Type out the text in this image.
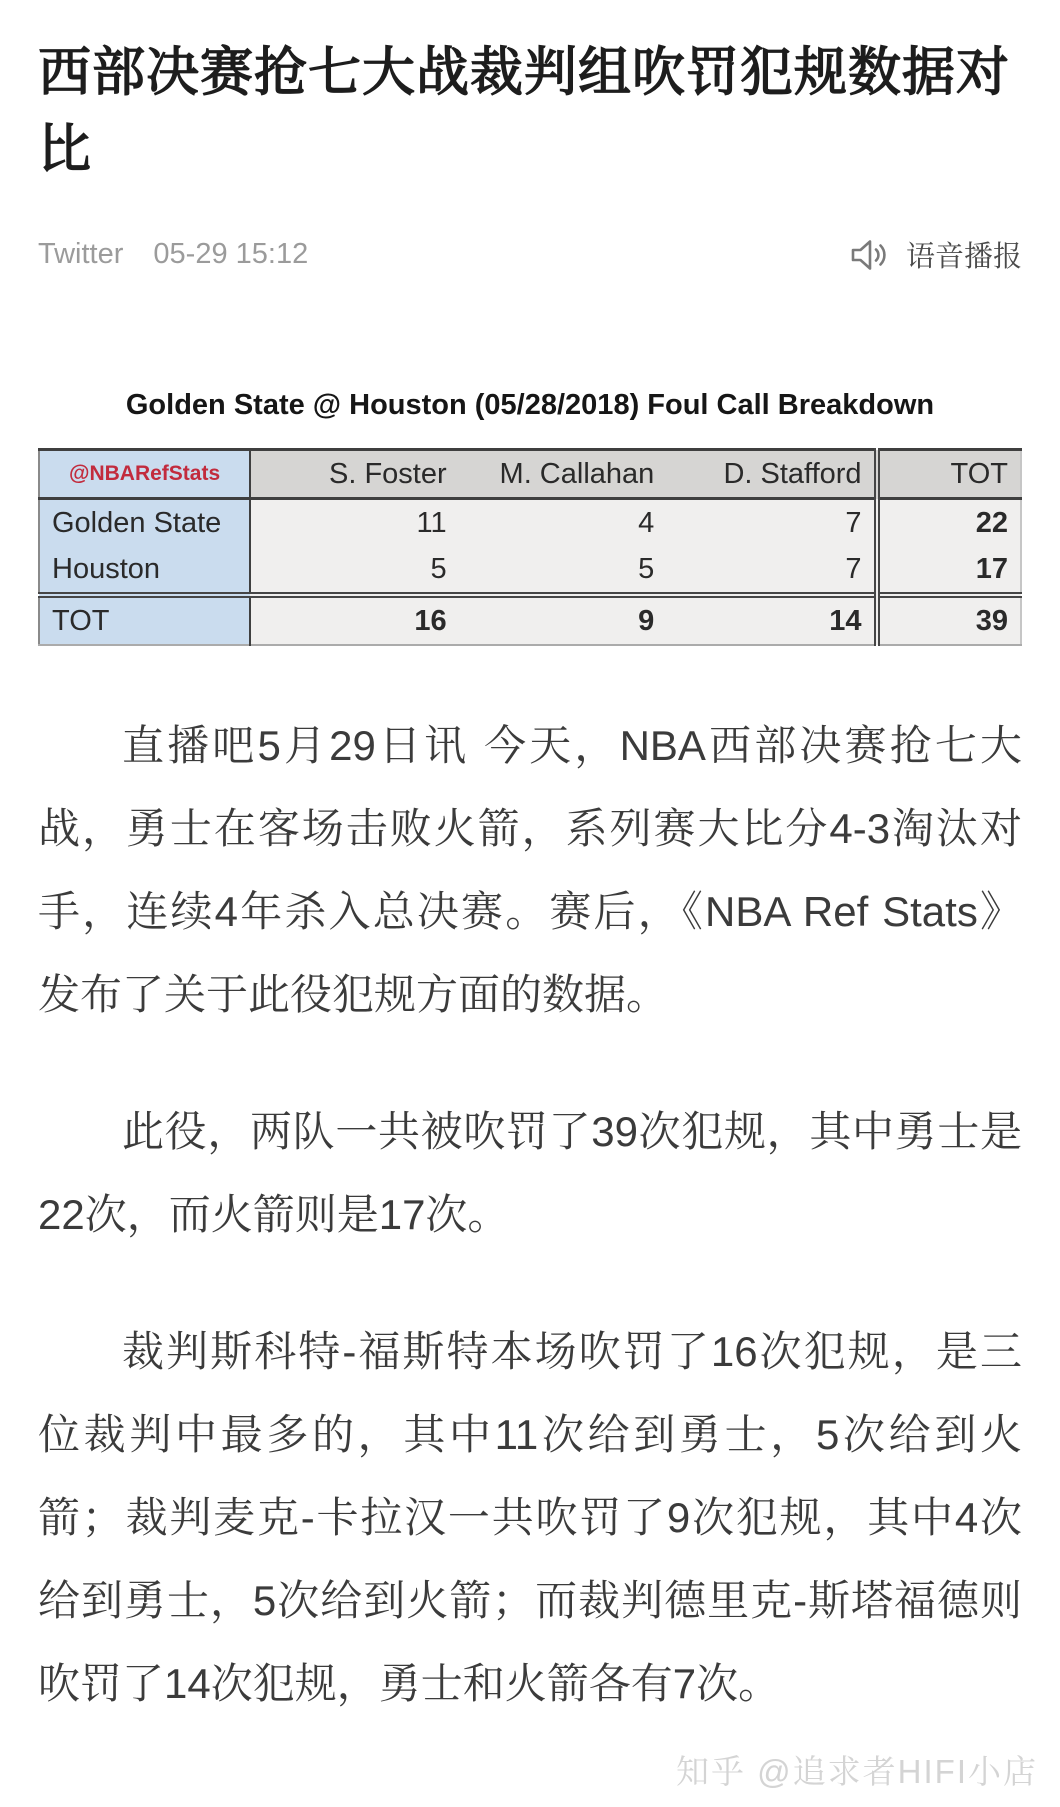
西部决赛抢七大战裁判组吹罚犯规数据对比
Twitter 05-29 15:12	语音播报
Golden State @ Houston (05/28/2018) Foul Call Breakdown
@NBARefStats	S. Foster	M. Callahan	D. Stafford	TOT
Golden State	11	4	7	22
Houston	5	5	7	17
TOT	16	9	14	39

直播吧5月29日讯 今天，NBA西部决赛抢七大战，勇士在客场击败火箭，系列赛大比分4-3淘汰对手，连续4年杀入总决赛。赛后，《NBA Ref Stats》发布了关于此役犯规方面的数据。

此役，两队一共被吹罚了39次犯规，其中勇士是22次，而火箭则是17次。

裁判斯科特-福斯特本场吹罚了16次犯规，是三位裁判中最多的，其中11次给到勇士，5次给到火箭；裁判麦克-卡拉汉一共吹罚了9次犯规，其中4次给到勇士，5次给到火箭；而裁判德里克-斯塔福德则吹罚了14次犯规，勇士和火箭各有7次。

知乎 @追求者HIFI小店
